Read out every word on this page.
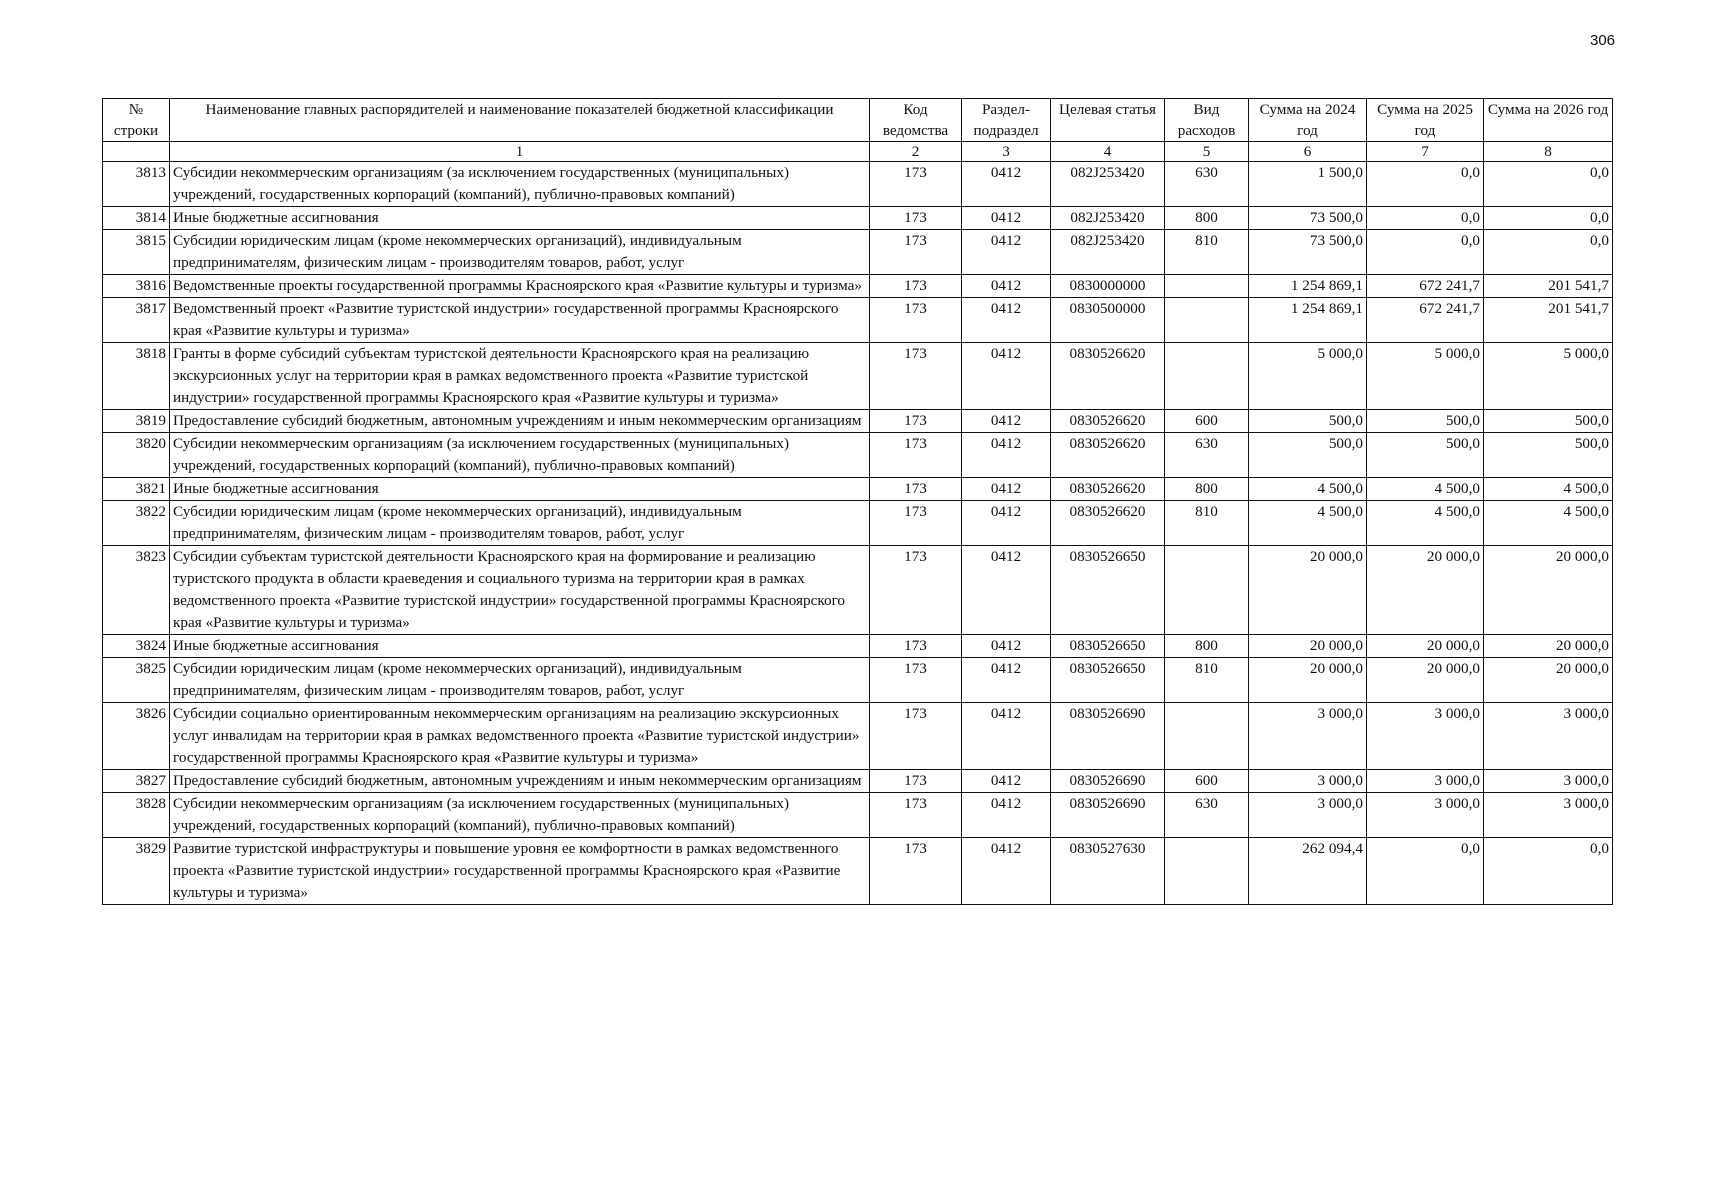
306
№ строки	Наименование главных распорядителей и наименование показателей бюджетной классификации	Код ведомства	Раздел-подраздел	Целевая статья	Вид расходов	Сумма на 2024 год	Сумма на 2025 год	Сумма на 2026 год
	1	2	3	4	5	6	7	8
3813	Субсидии некоммерческим организациям (за исключением государственных (муниципальных) учреждений, государственных корпораций (компаний), публично-правовых компаний)	173	0412	082J253420	630	1 500,0	0,0	0,0
3814	Иные бюджетные ассигнования	173	0412	082J253420	800	73 500,0	0,0	0,0
3815	Субсидии юридическим лицам (кроме некоммерческих организаций), индивидуальным предпринимателям, физическим лицам - производителям товаров, работ, услуг	173	0412	082J253420	810	73 500,0	0,0	0,0
3816	Ведомственные проекты государственной программы Красноярского края «Развитие культуры и туризма»	173	0412	0830000000		1 254 869,1	672 241,7	201 541,7
3817	Ведомственный проект «Развитие туристской индустрии» государственной программы Красноярского края «Развитие культуры и туризма»	173	0412	0830500000		1 254 869,1	672 241,7	201 541,7
3818	Гранты в форме субсидий субъектам туристской деятельности Красноярского края на реализацию экскурсионных услуг на территории края в рамках ведомственного проекта «Развитие туристской индустрии» государственной программы Красноярского края «Развитие культуры и туризма»	173	0412	0830526620		5 000,0	5 000,0	5 000,0
3819	Предоставление субсидий бюджетным, автономным учреждениям и иным некоммерческим организациям	173	0412	0830526620	600	500,0	500,0	500,0
3820	Субсидии некоммерческим организациям (за исключением государственных (муниципальных) учреждений, государственных корпораций (компаний), публично-правовых компаний)	173	0412	0830526620	630	500,0	500,0	500,0
3821	Иные бюджетные ассигнования	173	0412	0830526620	800	4 500,0	4 500,0	4 500,0
3822	Субсидии юридическим лицам (кроме некоммерческих организаций), индивидуальным предпринимателям, физическим лицам - производителям товаров, работ, услуг	173	0412	0830526620	810	4 500,0	4 500,0	4 500,0
3823	Субсидии субъектам туристской деятельности Красноярского края на формирование и реализацию туристского продукта в области краеведения и социального туризма на территории края в рамках ведомственного проекта «Развитие туристской индустрии» государственной программы Красноярского края «Развитие культуры и туризма»	173	0412	0830526650		20 000,0	20 000,0	20 000,0
3824	Иные бюджетные ассигнования	173	0412	0830526650	800	20 000,0	20 000,0	20 000,0
3825	Субсидии юридическим лицам (кроме некоммерческих организаций), индивидуальным предпринимателям, физическим лицам - производителям товаров, работ, услуг	173	0412	0830526650	810	20 000,0	20 000,0	20 000,0
3826	Субсидии социально ориентированным некоммерческим организациям на реализацию экскурсионных услуг инвалидам на территории края в рамках ведомственного проекта «Развитие туристской индустрии» государственной программы Красноярского края «Развитие культуры и туризма»	173	0412	0830526690		3 000,0	3 000,0	3 000,0
3827	Предоставление субсидий бюджетным, автономным учреждениям и иным некоммерческим организациям	173	0412	0830526690	600	3 000,0	3 000,0	3 000,0
3828	Субсидии некоммерческим организациям (за исключением государственных (муниципальных) учреждений, государственных корпораций (компаний), публично-правовых компаний)	173	0412	0830526690	630	3 000,0	3 000,0	3 000,0
3829	Развитие туристской инфраструктуры и повышение уровня ее комфортности в рамках ведомственного проекта «Развитие туристской индустрии» государственной программы Красноярского края «Развитие культуры и туризма»	173	0412	0830527630		262 094,4	0,0	0,0
